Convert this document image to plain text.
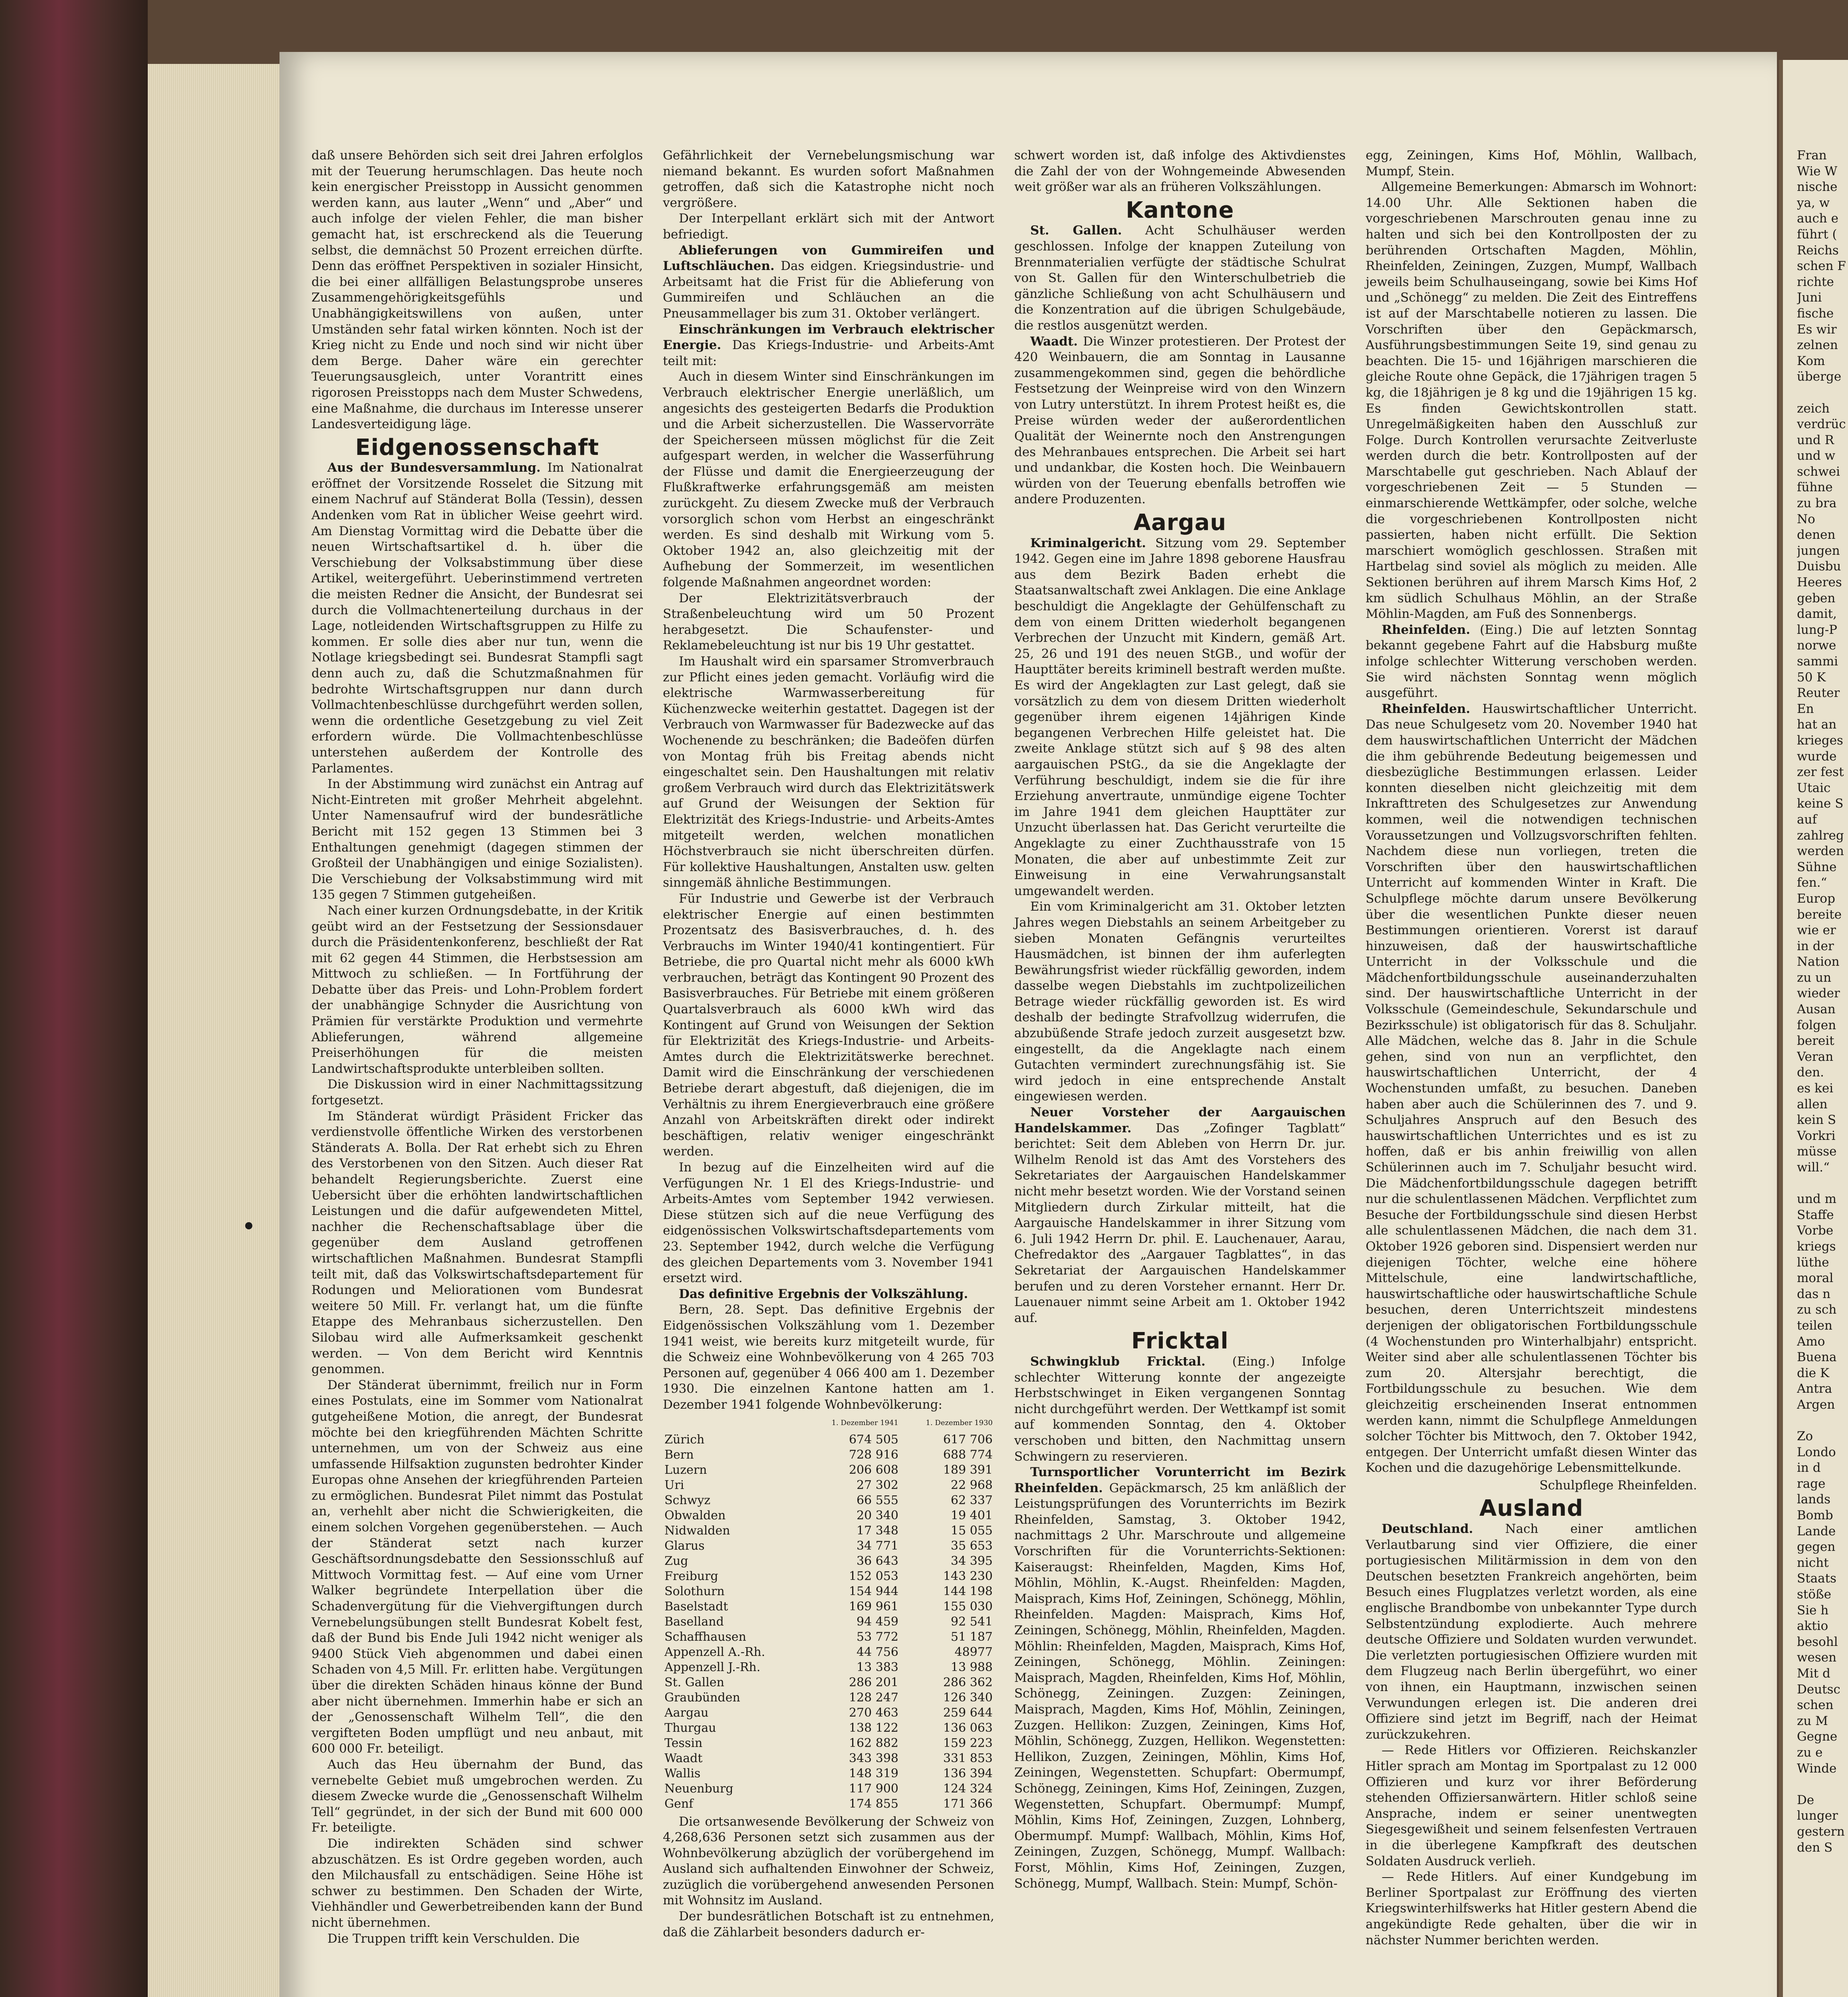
daß unsere Behörden sich seit drei Jahren erfolglos mit der Teuerung herumschlagen. Das heute noch kein energischer Preisstopp in Aussicht genommen werden kann, aus lauter „Wenn“ und „Aber“ und auch infolge der vielen Fehler, die man bisher gemacht hat, ist erschreckend als die Teuerung selbst, die demnächst 50 Prozent erreichen dürfte. Denn das eröffnet Perspektiven in sozialer Hinsicht, die bei einer allfälligen Belastungsprobe unseres Zusammengehörigkeitsgefühls und Unabhängigkeitswillens von außen, unter Umständen sehr fatal wirken könnten. Noch ist der Krieg nicht zu Ende und noch sind wir nicht über dem Berge. Daher wäre ein gerechter Teuerungsausgleich, unter Vorantritt eines rigorosen Preisstopps nach dem Muster Schwedens, eine Maßnahme, die durchaus im Interesse unserer Landesverteidigung läge.

Eidgenossenschaft

Aus der Bundesversammlung. Im Nationalrat eröffnet der Vorsitzende Rosselet die Sitzung mit einem Nachruf auf Ständerat Bolla (Tessin), dessen Andenken vom Rat in üblicher Weise geehrt wird. Am Dienstag Vormittag wird die Debatte über die neuen Wirtschaftsartikel d. h. über die Verschiebung der Volksabstimmung über diese Artikel, weitergeführt. Ueberinstimmend vertreten die meisten Redner die Ansicht, der Bundesrat sei durch die Vollmachtenerteilung durchaus in der Lage, notleidenden Wirtschaftsgruppen zu Hilfe zu kommen. Er solle dies aber nur tun, wenn die Notlage kriegsbedingt sei. Bundesrat Stampfli sagt denn auch zu, daß die Schutzmaßnahmen für bedrohte Wirtschaftsgruppen nur dann durch Vollmachtenbeschlüsse durchgeführt werden sollen, wenn die ordentliche Gesetzgebung zu viel Zeit erfordern würde. Die Vollmachtenbeschlüsse unterstehen außerdem der Kontrolle des Parlamentes.

In der Abstimmung wird zunächst ein Antrag auf Nicht-Eintreten mit großer Mehrheit abgelehnt. Unter Namensaufruf wird der bundesrätliche Bericht mit 152 gegen 13 Stimmen bei 3 Enthaltungen genehmigt (dagegen stimmen der Großteil der Unabhängigen und einige Sozialisten). Die Verschiebung der Volksabstimmung wird mit 135 gegen 7 Stimmen gutgeheißen.

Nach einer kurzen Ordnungsdebatte, in der Kritik geübt wird an der Festsetzung der Sessionsdauer durch die Präsidentenkonferenz, beschließt der Rat mit 62 gegen 44 Stimmen, die Herbstsession am Mittwoch zu schließen. — In Fortführung der Debatte über das Preis- und Lohn-Problem fordert der unabhängige Schnyder die Ausrichtung von Prämien für verstärkte Produktion und vermehrte Ablieferungen, während allgemeine Preiserhöhungen für die meisten Landwirtschaftsprodukte unterbleiben sollten.

Die Diskussion wird in einer Nachmittagssitzung fortgesetzt.

Im Ständerat würdigt Präsident Fricker das verdienstvolle öffentliche Wirken des verstorbenen Ständerats A. Bolla. Der Rat erhebt sich zu Ehren des Verstorbenen von den Sitzen. Auch dieser Rat behandelt Regierungsberichte. Zuerst eine Uebersicht über die erhöhten landwirtschaftlichen Leistungen und die dafür aufgewendeten Mittel, nachher die Rechenschaftsablage über die gegenüber dem Ausland getroffenen wirtschaftlichen Maßnahmen. Bundesrat Stampfli teilt mit, daß das Volkswirtschaftsdepartement für Rodungen und Meliorationen vom Bundesrat weitere 50 Mill. Fr. verlangt hat, um die fünfte Etappe des Mehranbaus sicherzustellen. Den Silobau wird alle Aufmerksamkeit geschenkt werden. — Von dem Bericht wird Kenntnis genommen.

Der Ständerat übernimmt, freilich nur in Form eines Postulats, eine im Sommer vom Nationalrat gutgeheißene Motion, die anregt, der Bundesrat möchte bei den kriegführenden Mächten Schritte unternehmen, um von der Schweiz aus eine umfassende Hilfsaktion zugunsten bedrohter Kinder Europas ohne Ansehen der kriegführenden Parteien zu ermöglichen. Bundesrat Pilet nimmt das Postulat an, verhehlt aber nicht die Schwierigkeiten, die einem solchen Vorgehen gegenüberstehen. — Auch der Ständerat setzt nach kurzer Geschäftsordnungsdebatte den Sessionsschluß auf Mittwoch Vormittag fest. — Auf eine vom Urner Walker begründete Interpellation über die Schadenvergütung für die Viehvergiftungen durch Vernebelungsübungen stellt Bundesrat Kobelt fest, daß der Bund bis Ende Juli 1942 nicht weniger als 9400 Stück Vieh abgenommen und dabei einen Schaden von 4,5 Mill. Fr. erlitten habe. Vergütungen über die direkten Schäden hinaus könne der Bund aber nicht übernehmen. Immerhin habe er sich an der „Genossenschaft Wilhelm Tell“, die den vergifteten Boden umpflügt und neu anbaut, mit 600 000 Fr. beteiligt.

Auch das Heu übernahm der Bund, das vernebelte Gebiet muß umgebrochen werden. Zu diesem Zwecke wurde die „Genossenschaft Wilhelm Tell“ gegründet, in der sich der Bund mit 600 000 Fr. beteiligte.

Die indirekten Schäden sind schwer abzuschätzen. Es ist Ordre gegeben worden, auch den Milchausfall zu entschädigen. Seine Höhe ist schwer zu bestimmen. Den Schaden der Wirte, Viehhändler und Gewerbetreibenden kann der Bund nicht übernehmen.

Die Truppen trifft kein Verschulden. Die

Gefährlichkeit der Vernebelungsmischung war niemand bekannt. Es wurden sofort Maßnahmen getroffen, daß sich die Katastrophe nicht noch vergrößere.

Der Interpellant erklärt sich mit der Antwort befriedigt.

Ablieferungen von Gummireifen und Luftschläuchen. Das eidgen. Kriegsindustrie- und Arbeitsamt hat die Frist für die Ablieferung von Gummireifen und Schläuchen an die Pneusammellager bis zum 31. Oktober verlängert.

Einschränkungen im Verbrauch elektrischer Energie. Das Kriegs-Industrie- und Arbeits-Amt teilt mit:

Auch in diesem Winter sind Einschränkungen im Verbrauch elektrischer Energie unerläßlich, um angesichts des gesteigerten Bedarfs die Produktion und die Arbeit sicherzustellen. Die Wasservorräte der Speicherseen müssen möglichst für die Zeit aufgespart werden, in welcher die Wasserführung der Flüsse und damit die Energieerzeugung der Flußkraftwerke erfahrungsgemäß am meisten zurückgeht. Zu diesem Zwecke muß der Verbrauch vorsorglich schon vom Herbst an eingeschränkt werden. Es sind deshalb mit Wirkung vom 5. Oktober 1942 an, also gleichzeitig mit der Aufhebung der Sommerzeit, im wesentlichen folgende Maßnahmen angeordnet worden:

Der Elektrizitätsverbrauch der Straßenbeleuchtung wird um 50 Prozent herabgesetzt. Die Schaufenster- und Reklamebeleuchtung ist nur bis 19 Uhr gestattet.

Im Haushalt wird ein sparsamer Stromverbrauch zur Pflicht eines jeden gemacht. Vorläufig wird die elektrische Warmwasserbereitung für Küchenzwecke weiterhin gestattet. Dagegen ist der Verbrauch von Warmwasser für Badezwecke auf das Wochenende zu beschränken; die Badeöfen dürfen von Montag früh bis Freitag abends nicht eingeschaltet sein. Den Haushaltungen mit relativ großem Verbrauch wird durch das Elektrizitätswerk auf Grund der Weisungen der Sektion für Elektrizität des Kriegs-Industrie- und Arbeits-Amtes mitgeteilt werden, welchen monatlichen Höchstverbrauch sie nicht überschreiten dürfen. Für kollektive Haushaltungen, Anstalten usw. gelten sinngemäß ähnliche Bestimmungen.

Für Industrie und Gewerbe ist der Verbrauch elektrischer Energie auf einen bestimmten Prozentsatz des Basisverbrauches, d. h. des Verbrauchs im Winter 1940/41 kontingentiert. Für Betriebe, die pro Quartal nicht mehr als 6000 kWh verbrauchen, beträgt das Kontingent 90 Prozent des Basisverbrauches. Für Betriebe mit einem größeren Quartalsverbrauch als 6000 kWh wird das Kontingent auf Grund von Weisungen der Sektion für Elektrizität des Kriegs-Industrie- und Arbeits-Amtes durch die Elektrizitätswerke berechnet. Damit wird die Einschränkung der verschiedenen Betriebe derart abgestuft, daß diejenigen, die im Verhältnis zu ihrem Energieverbrauch eine größere Anzahl von Arbeitskräften direkt oder indirekt beschäftigen, relativ weniger eingeschränkt werden.

In bezug auf die Einzelheiten wird auf die Verfügungen Nr. 1 El des Kriegs-Industrie- und Arbeits-Amtes vom September 1942 verwiesen. Diese stützen sich auf die neue Verfügung des eidgenössischen Volkswirtschaftsdepartements vom 23. September 1942, durch welche die Verfügung des gleichen Departements vom 3. November 1941 ersetzt wird.

Das definitive Ergebnis der Volkszählung.

Bern, 28. Sept. Das definitive Ergebnis der Eidgenössischen Volkszählung vom 1. Dezember 1941 weist, wie bereits kurz mitgeteilt wurde, für die Schweiz eine Wohnbevölkerung von 4 265 703 Personen auf, gegenüber 4 066 400 am 1. Dezember 1930. Die einzelnen Kantone hatten am 1. Dezember 1941 folgende Wohnbevölkerung:

	1. Dezember 1941	1. Dezember 1930
Zürich	674 505	617 706
Bern	728 916	688 774
Luzern	206 608	189 391
Uri	27 302	22 968
Schwyz	66 555	62 337
Obwalden	20 340	19 401
Nidwalden	17 348	15 055
Glarus	34 771	35 653
Zug	36 643	34 395
Freiburg	152 053	143 230
Solothurn	154 944	144 198
Baselstadt	169 961	155 030
Baselland	94 459	92 541
Schaffhausen	53 772	51 187
Appenzell A.-Rh.	44 756	48977
Appenzell J.-Rh.	13 383	13 988
St. Gallen	286 201	286 362
Graubünden	128 247	126 340
Aargau	270 463	259 644
Thurgau	138 122	136 063
Tessin	162 882	159 223
Waadt	343 398	331 853
Wallis	148 319	136 394
Neuenburg	117 900	124 324
Genf	174 855	171 366

Die ortsanwesende Bevölkerung der Schweiz von 4,268,636 Personen setzt sich zusammen aus der Wohnbevölkerung abzüglich der vorübergehend im Ausland sich aufhaltenden Einwohner der Schweiz, zuzüglich die vorübergehend anwesenden Personen mit Wohnsitz im Ausland.

Der bundesrätlichen Botschaft ist zu entnehmen, daß die Zählarbeit besonders dadurch er-

schwert worden ist, daß infolge des Aktivdienstes die Zahl der von der Wohngemeinde Abwesenden weit größer war als an früheren Volkszählungen.

Kantone

St. Gallen. Acht Schulhäuser werden geschlossen. Infolge der knappen Zuteilung von Brennmaterialien verfügte der städtische Schulrat von St. Gallen für den Winterschulbetrieb die gänzliche Schließung von acht Schulhäusern und die Konzentration auf die übrigen Schulgebäude, die restlos ausgenützt werden.

Waadt. Die Winzer protestieren. Der Protest der 420 Weinbauern, die am Sonntag in Lausanne zusammengekommen sind, gegen die behördliche Festsetzung der Weinpreise wird von den Winzern von Lutry unterstützt. In ihrem Protest heißt es, die Preise würden weder der außerordentlichen Qualität der Weinernte noch den Anstrengungen des Mehranbaues entsprechen. Die Arbeit sei hart und undankbar, die Kosten hoch. Die Weinbauern würden von der Teuerung ebenfalls betroffen wie andere Produzenten.

Aargau

Kriminalgericht. Sitzung vom 29. September 1942. Gegen eine im Jahre 1898 geborene Hausfrau aus dem Bezirk Baden erhebt die Staatsanwaltschaft zwei Anklagen. Die eine Anklage beschuldigt die Angeklagte der Gehülfenschaft zu dem von einem Dritten wiederholt begangenen Verbrechen der Unzucht mit Kindern, gemäß Art. 25, 26 und 191 des neuen StGB., und wofür der Haupttäter bereits kriminell bestraft werden mußte. Es wird der Angeklagten zur Last gelegt, daß sie vorsätzlich zu dem von diesem Dritten wiederholt gegenüber ihrem eigenen 14jährigen Kinde begangenen Verbrechen Hilfe geleistet hat. Die zweite Anklage stützt sich auf § 98 des alten aargauischen PStG., da sie die Angeklagte der Verführung beschuldigt, indem sie die für ihre Erziehung anvertraute, unmündige eigene Tochter im Jahre 1941 dem gleichen Haupttäter zur Unzucht überlassen hat. Das Gericht verurteilte die Angeklagte zu einer Zuchthausstrafe von 15 Monaten, die aber auf unbestimmte Zeit zur Einweisung in eine Verwahrungsanstalt umgewandelt werden.

Ein vom Kriminalgericht am 31. Oktober letzten Jahres wegen Diebstahls an seinem Arbeitgeber zu sieben Monaten Gefängnis verurteiltes Hausmädchen, ist binnen der ihm auferlegten Bewährungsfrist wieder rückfällig geworden, indem dasselbe wegen Diebstahls im zuchtpolizeilichen Betrage wieder rückfällig geworden ist. Es wird deshalb der bedingte Strafvollzug widerrufen, die abzubüßende Strafe jedoch zurzeit ausgesetzt bzw. eingestellt, da die Angeklagte nach einem Gutachten vermindert zurechnungsfähig ist. Sie wird jedoch in eine entsprechende Anstalt eingewiesen werden.

Neuer Vorsteher der Aargauischen Handelskammer. Das „Zofinger Tagblatt“ berichtet: Seit dem Ableben von Herrn Dr. jur. Wilhelm Renold ist das Amt des Vorstehers des Sekretariates der Aargauischen Handelskammer nicht mehr besetzt worden. Wie der Vorstand seinen Mitgliedern durch Zirkular mitteilt, hat die Aargauische Handelskammer in ihrer Sitzung vom 6. Juli 1942 Herrn Dr. phil. E. Lauchenauer, Aarau, Chefredaktor des „Aargauer Tagblattes“, in das Sekretariat der Aargauischen Handelskammer berufen und zu deren Vorsteher ernannt. Herr Dr. Lauenauer nimmt seine Arbeit am 1. Oktober 1942 auf.

Fricktal

Schwingklub Fricktal. (Eing.) Infolge schlechter Witterung konnte der angezeigte Herbstschwinget in Eiken vergangenen Sonntag nicht durchgeführt werden. Der Wettkampf ist somit auf kommenden Sonntag, den 4. Oktober verschoben und bitten, den Nachmittag unsern Schwingern zu reservieren.

Turnsportlicher Vorunterricht im Bezirk Rheinfelden. Gepäckmarsch, 25 km anläßlich der Leistungsprüfungen des Vorunterrichts im Bezirk Rheinfelden, Samstag, 3. Oktober 1942, nachmittags 2 Uhr. Marschroute und allgemeine Vorschriften für die Vorunterrichts-Sektionen: Kaiseraugst: Rheinfelden, Magden, Kims Hof, Möhlin, Möhlin, K.-Augst. Rheinfelden: Magden, Maisprach, Kims Hof, Zeiningen, Schönegg, Möhlin, Rheinfelden. Magden: Maisprach, Kims Hof, Zeiningen, Schönegg, Möhlin, Rheinfelden, Magden. Möhlin: Rheinfelden, Magden, Maisprach, Kims Hof, Zeiningen, Schönegg, Möhlin. Zeiningen: Maisprach, Magden, Rheinfelden, Kims Hof, Möhlin, Schönegg, Zeiningen. Zuzgen: Zeiningen, Maisprach, Magden, Kims Hof, Möhlin, Zeiningen, Zuzgen. Hellikon: Zuzgen, Zeiningen, Kims Hof, Möhlin, Schönegg, Zuzgen, Hellikon. Wegenstetten: Hellikon, Zuzgen, Zeiningen, Möhlin, Kims Hof, Zeiningen, Wegenstetten. Schupfart: Obermumpf, Schönegg, Zeiningen, Kims Hof, Zeiningen, Zuzgen, Wegenstetten, Schupfart. Obermumpf: Mumpf, Möhlin, Kims Hof, Zeiningen, Zuzgen, Lohnberg, Obermumpf. Mumpf: Wallbach, Möhlin, Kims Hof, Zeiningen, Zuzgen, Schönegg, Mumpf. Wallbach: Forst, Möhlin, Kims Hof, Zeiningen, Zuzgen, Schönegg, Mumpf, Wallbach. Stein: Mumpf, Schön-

egg, Zeiningen, Kims Hof, Möhlin, Wallbach, Mumpf, Stein.

Allgemeine Bemerkungen: Abmarsch im Wohnort: 14.00 Uhr. Alle Sektionen haben die vorgeschriebenen Marschrouten genau inne zu halten und sich bei den Kontrollposten der zu berührenden Ortschaften Magden, Möhlin, Rheinfelden, Zeiningen, Zuzgen, Mumpf, Wallbach jeweils beim Schulhauseingang, sowie bei Kims Hof und „Schönegg“ zu melden. Die Zeit des Eintreffens ist auf der Marschtabelle notieren zu lassen. Die Vorschriften über den Gepäckmarsch, Ausführungsbestimmungen Seite 19, sind genau zu beachten. Die 15- und 16jährigen marschieren die gleiche Route ohne Gepäck, die 17jährigen tragen 5 kg, die 18jährigen je 8 kg und die 19jährigen 15 kg. Es finden Gewichtskontrollen statt. Unregelmäßigkeiten haben den Ausschluß zur Folge. Durch Kontrollen verursachte Zeitverluste werden durch die betr. Kontrollposten auf der Marschtabelle gut geschrieben. Nach Ablauf der vorgeschriebenen Zeit — 5 Stunden — einmarschierende Wettkämpfer, oder solche, welche die vorgeschriebenen Kontrollposten nicht passierten, haben nicht erfüllt. Die Sektion marschiert womöglich geschlossen. Straßen mit Hartbelag sind soviel als möglich zu meiden. Alle Sektionen berühren auf ihrem Marsch Kims Hof, 2 km südlich Schulhaus Möhlin, an der Straße Möhlin-Magden, am Fuß des Sonnenbergs.

Rheinfelden. (Eing.) Die auf letzten Sonntag bekannt gegebene Fahrt auf die Habsburg mußte infolge schlechter Witterung verschoben werden. Sie wird nächsten Sonntag wenn möglich ausgeführt.

Rheinfelden. Hauswirtschaftlicher Unterricht. Das neue Schulgesetz vom 20. November 1940 hat dem hauswirtschaftlichen Unterricht der Mädchen die ihm gebührende Bedeutung beigemessen und diesbezügliche Bestimmungen erlassen. Leider konnten dieselben nicht gleichzeitig mit dem Inkrafttreten des Schulgesetzes zur Anwendung kommen, weil die notwendigen technischen Voraussetzungen und Vollzugsvorschriften fehlten. Nachdem diese nun vorliegen, treten die Vorschriften über den hauswirtschaftlichen Unterricht auf kommenden Winter in Kraft. Die Schulpflege möchte darum unsere Bevölkerung über die wesentlichen Punkte dieser neuen Bestimmungen orientieren. Vorerst ist darauf hinzuweisen, daß der hauswirtschaftliche Unterricht in der Volksschule und die Mädchenfortbildungsschule auseinanderzuhalten sind. Der hauswirtschaftliche Unterricht in der Volksschule (Gemeindeschule, Sekundarschule und Bezirksschule) ist obligatorisch für das 8. Schuljahr. Alle Mädchen, welche das 8. Jahr in die Schule gehen, sind von nun an verpflichtet, den hauswirtschaftlichen Unterricht, der 4 Wochenstunden umfaßt, zu besuchen. Daneben haben aber auch die Schülerinnen des 7. und 9. Schuljahres Anspruch auf den Besuch des hauswirtschaftlichen Unterrichtes und es ist zu hoffen, daß er bis anhin freiwillig von allen Schülerinnen auch im 7. Schuljahr besucht wird. Die Mädchenfortbildungsschule dagegen betrifft nur die schulentlassenen Mädchen. Verpflichtet zum Besuche der Fortbildungsschule sind diesen Herbst alle schulentlassenen Mädchen, die nach dem 31. Oktober 1926 geboren sind. Dispensiert werden nur diejenigen Töchter, welche eine höhere Mittelschule, eine landwirtschaftliche, hauswirtschaftliche oder hauswirtschaftliche Schule besuchen, deren Unterrichtszeit mindestens derjenigen der obligatorischen Fortbildungsschule (4 Wochenstunden pro Winterhalbjahr) entspricht. Weiter sind aber alle schulentlassenen Töchter bis zum 20. Altersjahr berechtigt, die Fortbildungsschule zu besuchen. Wie dem gleichzeitig erscheinenden Inserat entnommen werden kann, nimmt die Schulpflege Anmeldungen solcher Töchter bis Mittwoch, den 7. Oktober 1942, entgegen. Der Unterricht umfaßt diesen Winter das Kochen und die dazugehörige Lebensmittelkunde.

Schulpflege Rheinfelden.
Ausland

Deutschland.	Nach einer amtlichen Verlautbarung sind vier Offiziere, die einer portugiesischen Militärmission in dem von den Deutschen besetzten Frankreich angehörten, beim Besuch eines Flugplatzes verletzt worden, als eine englische Brandbombe von unbekannter Type durch Selbstentzündung explodierte. Auch mehrere deutsche Offiziere und Soldaten wurden verwundet. Die verletzten portugiesischen Offiziere wurden mit dem Flugzeug nach Berlin übergeführt, wo einer von ihnen, ein Hauptmann, inzwischen seinen Verwundungen erlegen ist. Die anderen drei Offiziere sind jetzt im Begriff, nach der Heimat zurückzukehren.

— Rede Hitlers vor Offizieren. Reichskanzler Hitler sprach am Montag im Sportpalast zu 12 000 Offizieren und kurz vor ihrer Beförderung stehenden Offiziersanwärtern. Hitler schloß seine Ansprache, indem er seiner unentwegten Siegesgewißheit und seinem felsenfesten Vertrauen in die überlegene Kampfkraft des deutschen Soldaten Ausdruck verlieh.

— Rede Hitlers. Auf einer Kundgebung im Berliner Sportpalast zur Eröffnung des vierten Kriegswinterhilfswerks hat Hitler gestern Abend die angekündigte Rede gehalten, über die wir in nächster Nummer berichten werden.

Fran
Wie W
nische
ya, w
auch e
führt (
Reichs
schen F
richte
Juni
fische
Es wir
zelnen
Kom
überge

zeich
verdrüc
und R
und w
schwei
fühne
zu bra
No
denen
jungen
Duisbu
Heeres
geben
damit,
lung-P
norwe
sammi
50 K
Reuter
En
hat an
krieges
wurde
zer fest
Utaic
keine S
auf
zahlreg
werden
Sühne
fen.“
Europ
bereite
wie er
in der
Nation
zu un
wieder
Ausan
folgen
bereit
Veran
den.
es kei
allen
kein S
Vorkri
müsse
will.“

und m
Staffe
Vorbe
kriegs
lüthe
moral
das n
zu sch
teilen
Amo
Buena
die K
Antra
Argen

Zo
Londo
in d
rage
lands
Bomb
Lande
gegen
nicht
Staats
stöße
Sie h
aktio
besohl
wesen
Mit d
Deutsc
schen
zu M
Gegne
zu e
Winde

De
lunger
gestern
den S
